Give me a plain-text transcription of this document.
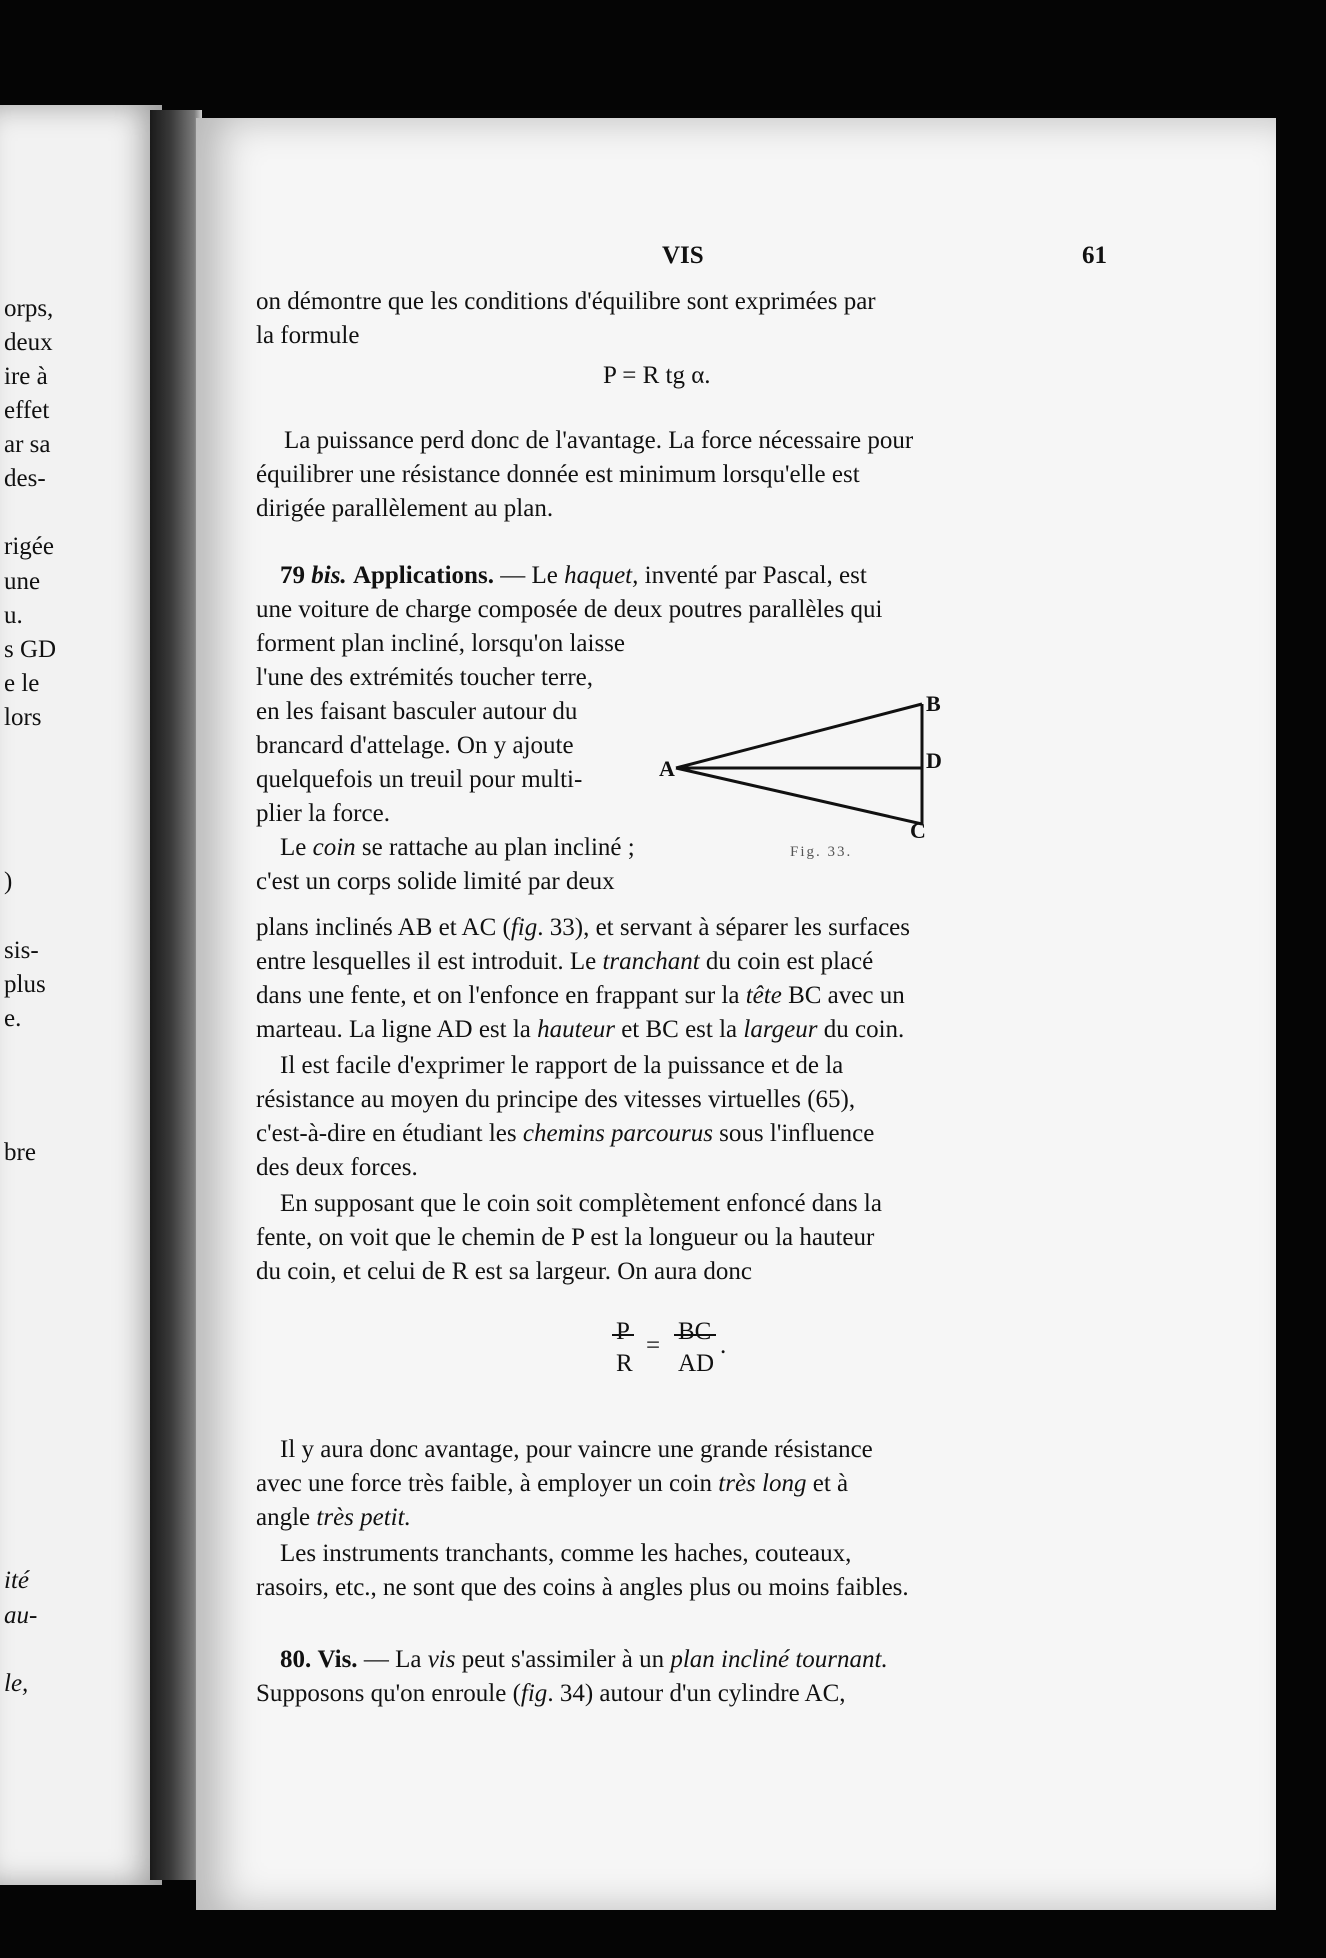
orps,
deux
ire à
effet
ar sa
des-
rigée
une
u.
s GD
e le
lors
)
sis-
plus
e.
bre
ité
au-
le,
VIS	61
on démontre que les conditions d'équilibre sont exprimées par
la formule
P = R tg α.
La puissance perd donc de l'avantage. La force nécessaire pour
équilibrer une résistance donnée est minimum lorsqu'elle est
dirigée parallèlement au plan.
79 bis. Applications. — Le haquet, inventé par Pascal, est
une voiture de charge composée de deux poutres parallèles qui
forment plan incliné, lorsqu'on laisse
l'une des extrémités toucher terre,
en les faisant basculer autour du
brancard d'attelage. On y ajoute
quelquefois un treuil pour multi-
plier la force.
Le coin se rattache au plan incliné ;
c'est un corps solide limité par deux
A
B
D
C
Fig. 33.
plans inclinés AB et AC (fig. 33), et servant à séparer les surfaces
entre lesquelles il est introduit. Le tranchant du coin est placé
dans une fente, et on l'enfonce en frappant sur la tête BC avec un
marteau. La ligne AD est la hauteur et BC est la largeur du coin.
Il est facile d'exprimer le rapport de la puissance et de la
résistance au moyen du principe des vitesses virtuelles (65),
c'est-à-dire en étudiant les chemins parcourus sous l'influence
des deux forces.
En supposant que le coin soit complètement enfoncé dans la
fente, on voit que le chemin de P est la longueur ou la hauteur
du coin, et celui de R est sa largeur. On aura donc
P
R
=
BC
AD
.
Il y aura donc avantage, pour vaincre une grande résistance
avec une force très faible, à employer un coin très long et à
angle très petit.
Les instruments tranchants, comme les haches, couteaux,
rasoirs, etc., ne sont que des coins à angles plus ou moins faibles.
80. Vis. — La vis peut s'assimiler à un plan incliné tournant.
Supposons qu'on enroule (fig. 34) autour d'un cylindre AC,
